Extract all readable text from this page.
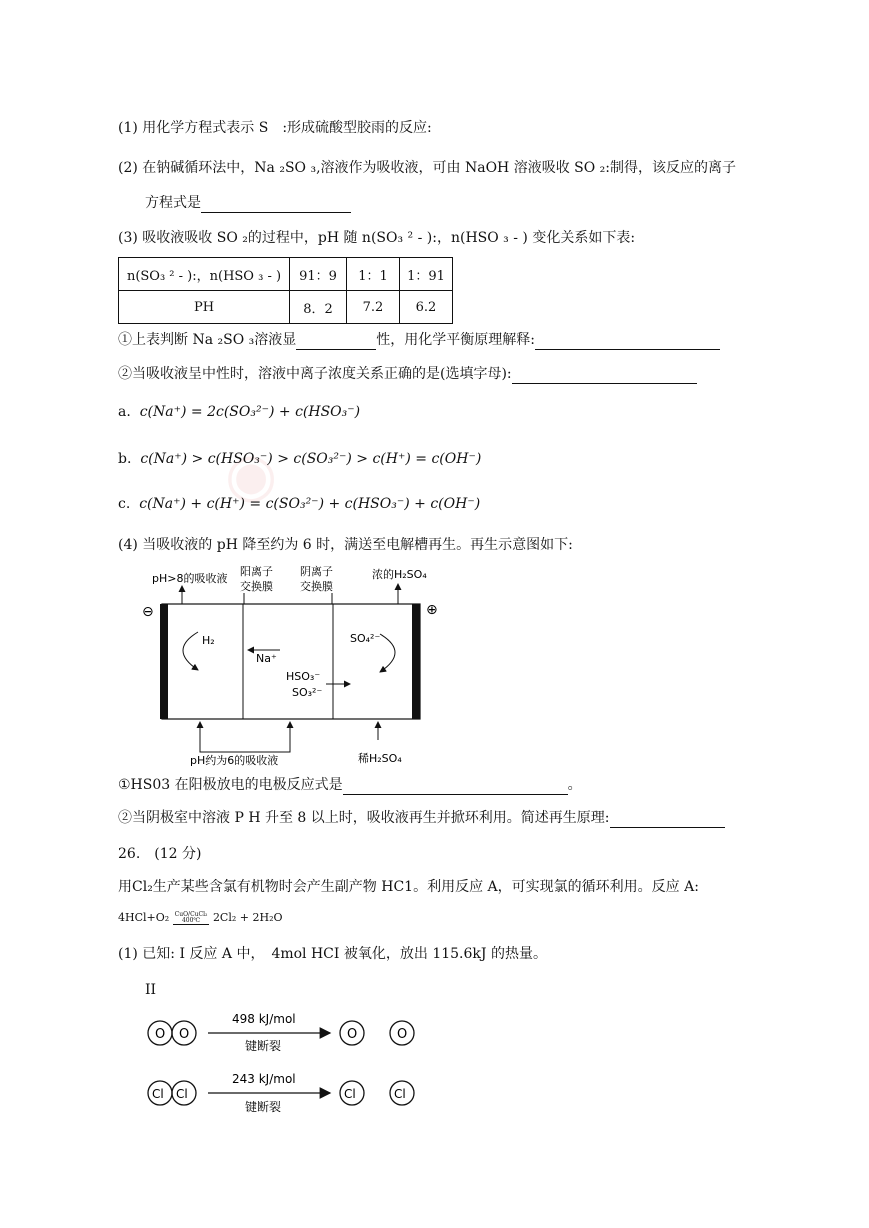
(1) 用化学方程式表示 S　:形成硫酸型胶雨的反应:
(2) 在钠碱循环法中，Na ₂SO ₃,溶液作为吸收液，可由 NaOH 溶液吸收 SO ₂:制得，该反应的离子
方程式是
(3) 吸收液吸收 SO ₂的过程中，pH 随 n(SO₃ ² - ):，n(HSO ₃ - ) 变化关系如下表:
n(SO₃ ² - ):，n(HSO ₃ - )	91：9	1：1	1：91
PH	8．2	7.2	6.2
①上表判断 Na ₂SO ₃溶液显	性，用化学平衡原理解释:
②当吸收液呈中性时，溶液中离子浓度关系正确的是(选填字母):
◉
a. c(Na⁺) = 2c(SO₃²⁻) + c(HSO₃⁻)
b. c(Na⁺) > c(HSO₃⁻) > c(SO₃²⁻) > c(H⁺) = c(OH⁻)
c. c(Na⁺) + c(H⁺) = c(SO₃²⁻) + c(HSO₃⁻) + c(OH⁻)
(4) 当吸收液的 pH 降至约为 6 时，满送至电解槽再生。再生示意图如下:
⊖	⊕
pH>8的吸收液
阳离子
交换膜
阴离子
交换膜
浓的H₂SO₄
H₂
Na⁺
SO₄²⁻
HSO₃⁻
SO₃²⁻
pH约为6的吸收液	稀H₂SO₄
①HS03 在阳极放电的电极反应式是	。
②当阴极室中溶液 P H 升至 8 以上时，吸收液再生并掀环利用。简述再生原理:
26.　(12 分)
用Cl₂生产某些含氯有机物时会产生副产物 HC1。利用反应 A，可实现氯的循环利用。反应 A:
4HCl+O₂ CuO/CuCl₂
400℃ 2Cl₂ + 2H₂O
(1) 已知: I 反应 A 中，　4mol HCI 被氧化，放出 115.6kJ 的热量。
II
O O
498 kJ/mol
键断裂
O	O
Cl Cl
243 kJ/mol
键断裂
Cl	Cl
